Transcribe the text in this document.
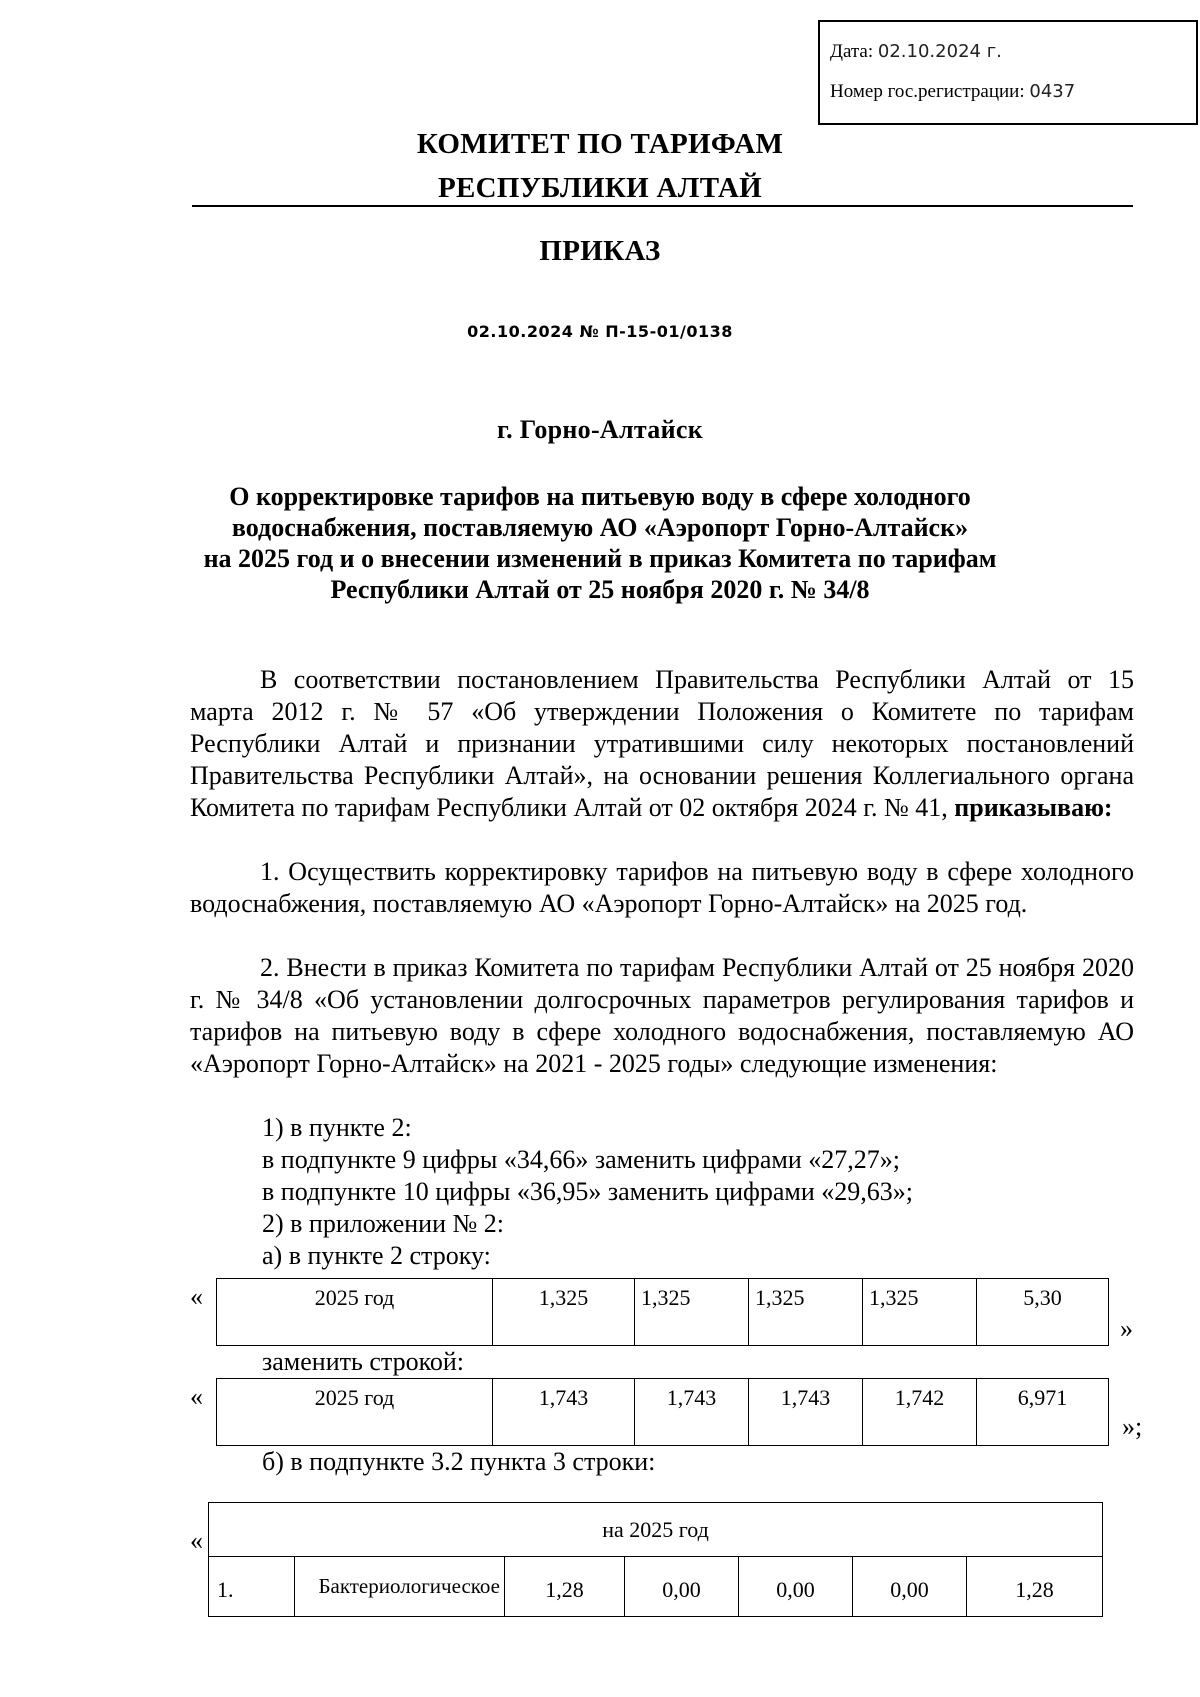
Дата: 02.10.2024 г.
Номер гос.регистрации: 0437
КОМИТЕТ ПО ТАРИФАМ
РЕСПУБЛИКИ АЛТАЙ
ПРИКАЗ
02.10.2024 № П-15-01/0138
г. Горно-Алтайск
О корректировке тарифов на питьевую воду в сфере холодного
водоснабжения, поставляемую АО «Аэропорт Горно-Алтайск»
на 2025 год и о внесении изменений в приказ Комитета по тарифам
Республики Алтай от 25 ноября 2020 г. № 34/8
В соответствии постановлением Правительства Республики Алтай от 15 марта 2012 г. № 57 «Об утверждении Положения о Комитете по тарифам Республики Алтай и признании утратившими силу некоторых постановлений Правительства Республики Алтай», на основании решения Коллегиального органа Комитета по тарифам Республики Алтай от 02 октября 2024 г. № 41, приказываю:
1. Осуществить корректировку тарифов на питьевую воду в сфере холодного водоснабжения, поставляемую АО «Аэропорт Горно-Алтайск» на 2025 год.
2. Внести в приказ Комитета по тарифам Республики Алтай от 25 ноября 2020 г. № 34/8 «Об установлении долгосрочных параметров регулирования тарифов и тарифов на питьевую воду в сфере холодного водоснабжения, поставляемую АО «Аэропорт Горно-Алтайск» на 2021 - 2025 годы» следующие изменения:
1) в пункте 2:
в подпункте 9 цифры «34,66» заменить цифрами «27,27»;
в подпункте 10 цифры «36,95» заменить цифрами «29,63»;
2) в приложении № 2:
а) в пункте 2 строку:
«	2025 год	1,325	1,325	1,325	1,325	5,30
»
заменить строкой:
«	2025 год	1,743	1,743	1,743	1,742	6,971
»;
б) в подпункте 3.2 пункта 3 строки:
«	на 2025 год
1.	Бактериологическое	1,28	0,00	0,00	0,00	1,28
